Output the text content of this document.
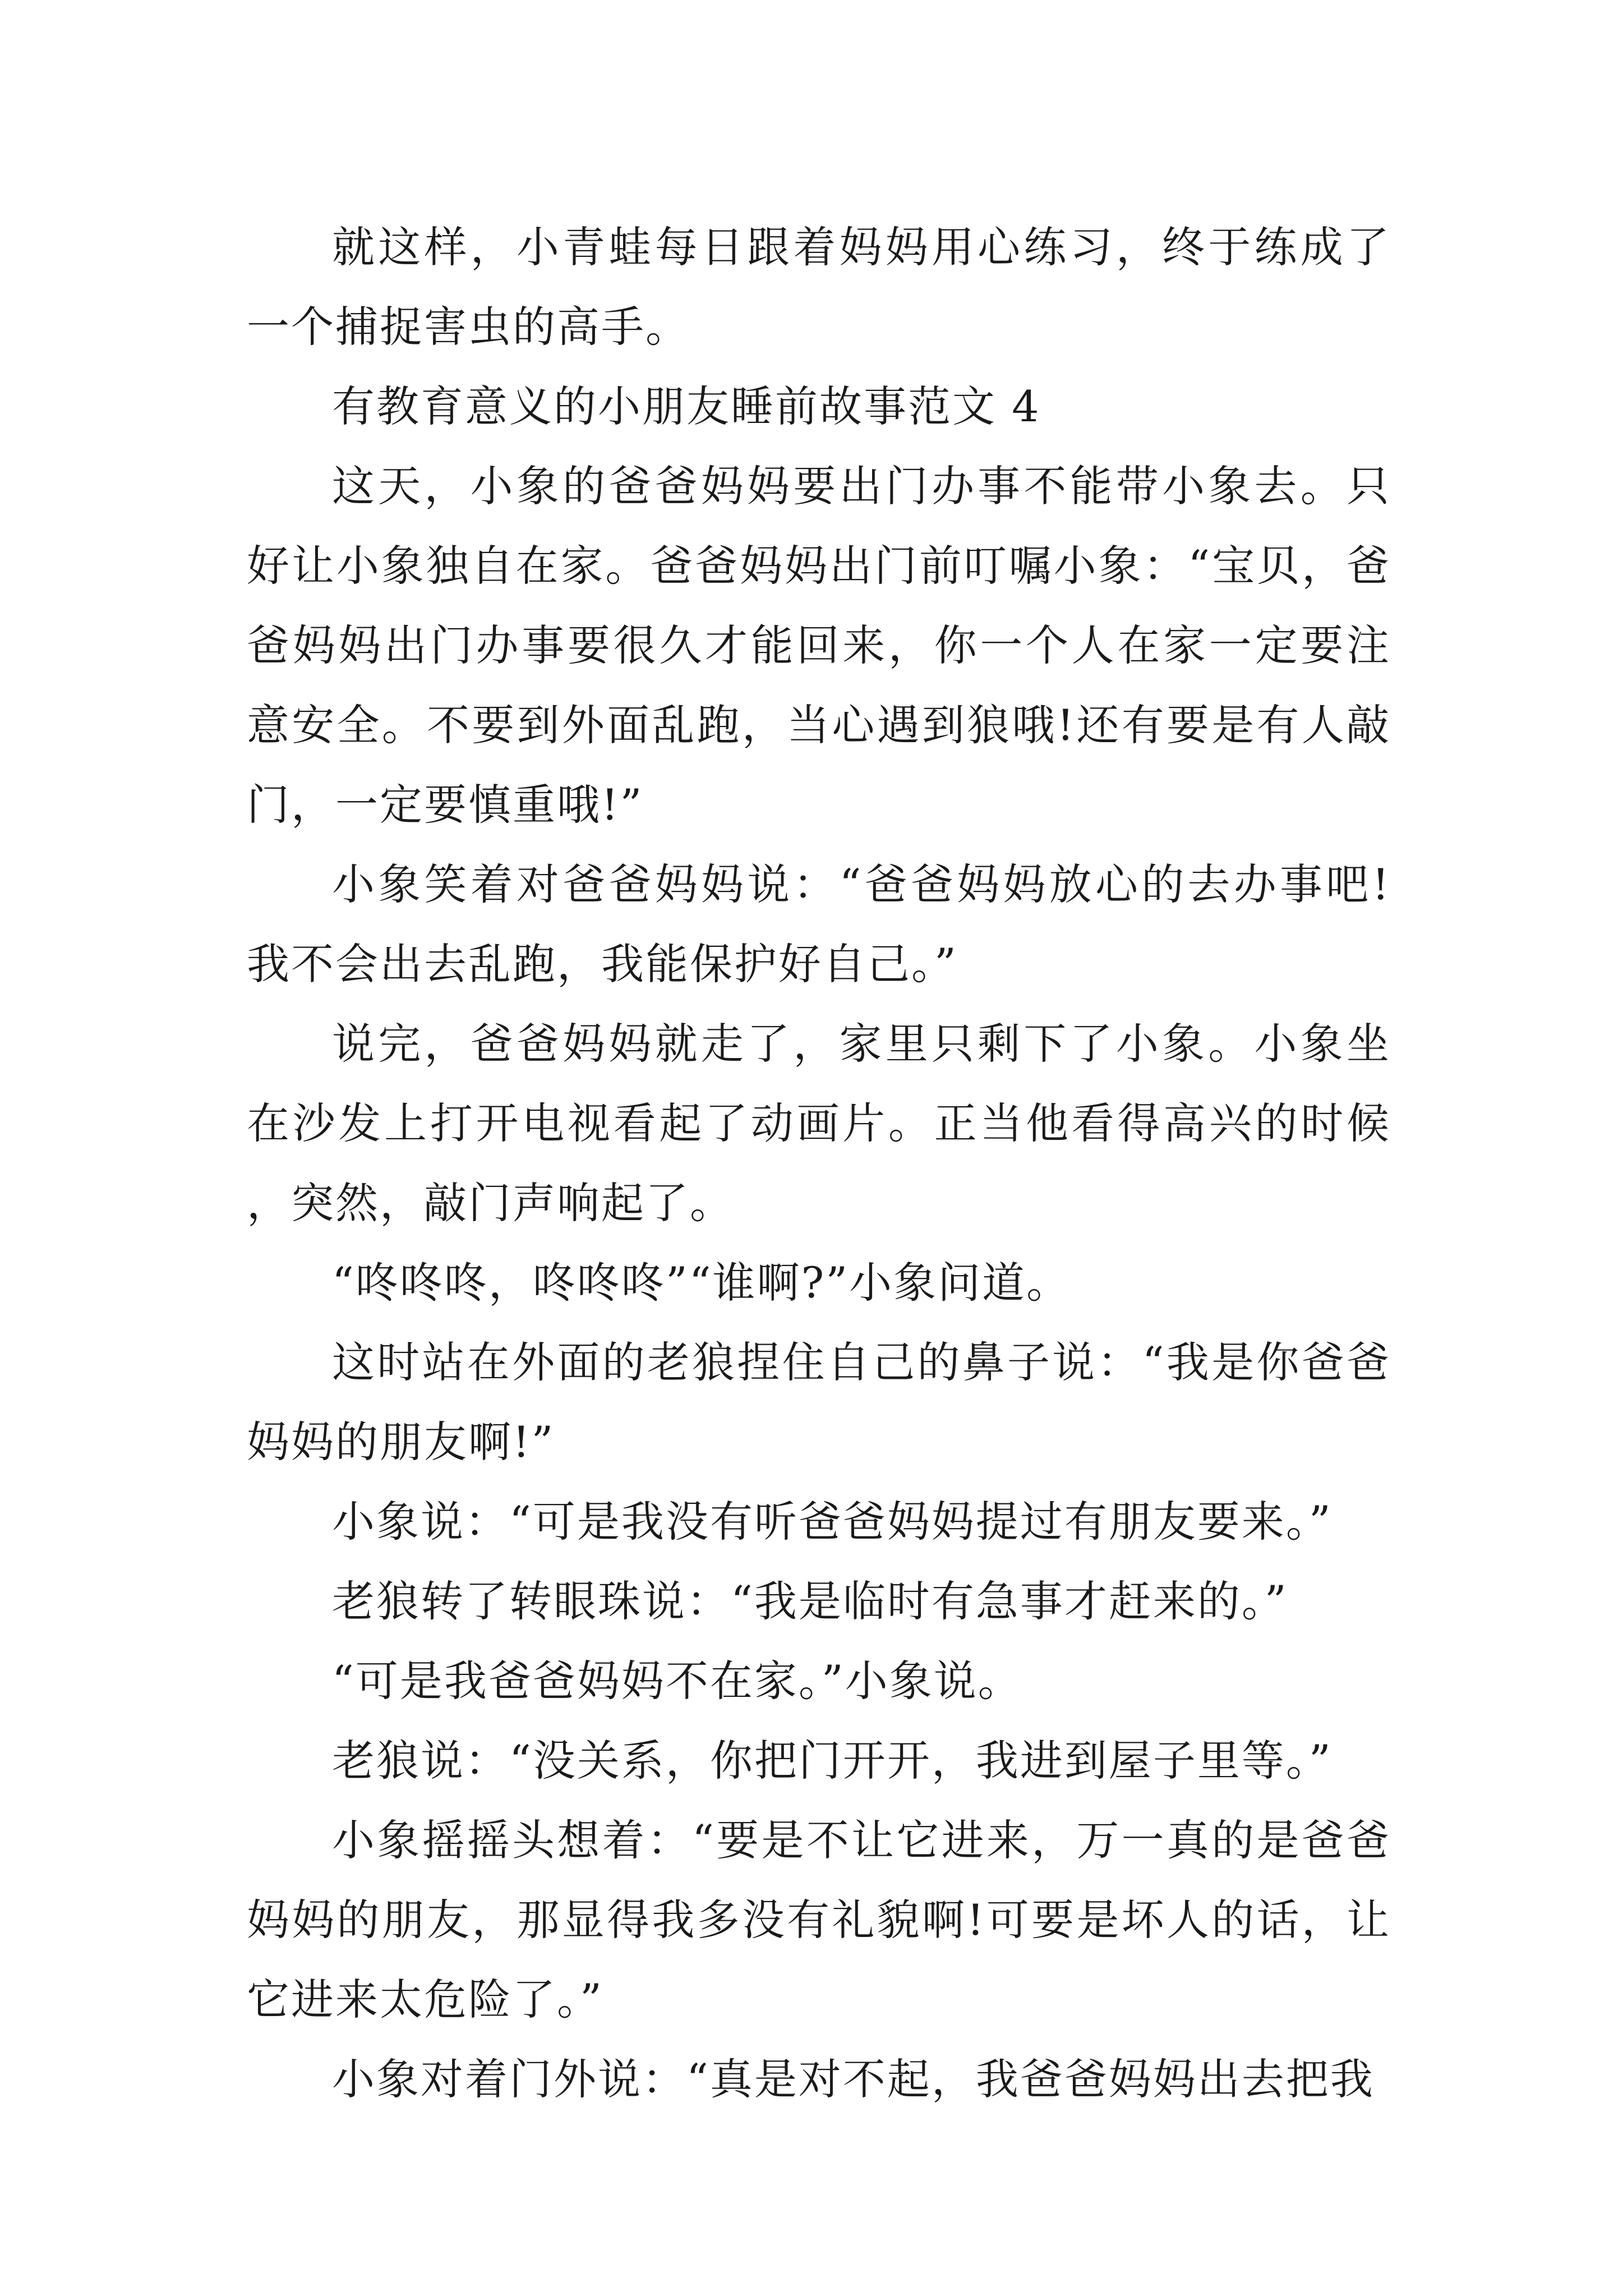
就这样，小青蛙每日跟着妈妈用心练习，终于练成了一个捕捉害虫的高手。

有教育意义的小朋友睡前故事范文 4

这天，小象的爸爸妈妈要出门办事不能带小象去。只好让小象独自在家。爸爸妈妈出门前叮嘱小象：“宝贝，爸爸妈妈出门办事要很久才能回来，你一个人在家一定要注意安全。不要到外面乱跑，当心遇到狼哦!还有要是有人敲门，一定要慎重哦!”

小象笑着对爸爸妈妈说：“爸爸妈妈放心的去办事吧!我不会出去乱跑，我能保护好自己。”

说完，爸爸妈妈就走了，家里只剩下了小象。小象坐在沙发上打开电视看起了动画片。正当他看得高兴的时候，突然，敲门声响起了。

“咚咚咚，咚咚咚”“谁啊?”小象问道。

这时站在外面的老狼捏住自己的鼻子说：“我是你爸爸妈妈的朋友啊!”

小象说：“可是我没有听爸爸妈妈提过有朋友要来。”

老狼转了转眼珠说：“我是临时有急事才赶来的。”

“可是我爸爸妈妈不在家。”小象说。

老狼说：“没关系，你把门开开，我进到屋子里等。”

小象摇摇头想着：“要是不让它进来，万一真的是爸爸妈妈的朋友，那显得我多没有礼貌啊!可要是坏人的话，让它进来太危险了。”

小象对着门外说：“真是对不起，我爸爸妈妈出去把我
